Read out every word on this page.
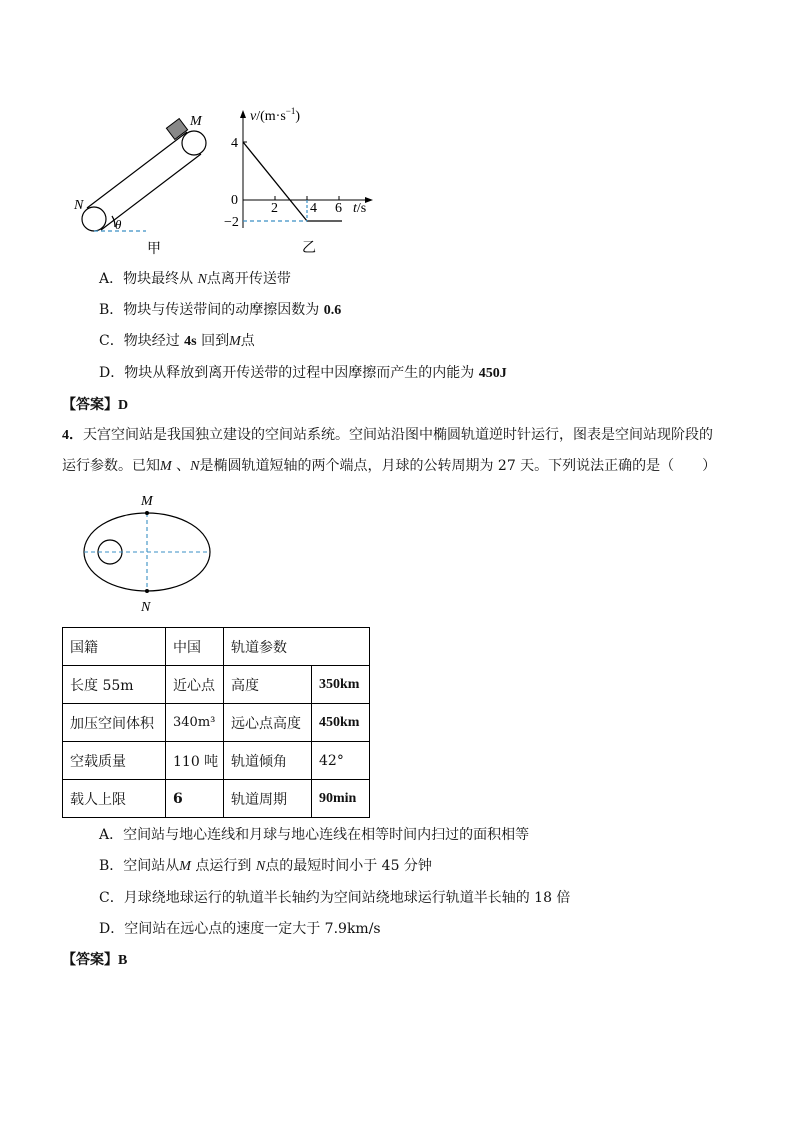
M
N
θ
甲
$v/(m\cdot s^{-1})$
4
0
−2
2 4 6 t/s
乙
A．物块最终从 N点离开传送带
B．物块与传送带间的动摩擦因数为 0.6
C．物块经过 4s 回到M点
D．物块从释放到离开传送带的过程中因摩擦而产生的内能为 450J
【答案】D
4．天宫空间站是我国独立建设的空间站系统。空间站沿图中椭圆轨道逆时针运行，图表是空间站现阶段的
运行参数。已知M 、N是椭圆轨道短轴的两个端点，月球的公转周期为 27 天。下列说法正确的是（　　）
M
N
国籍	中国	轨道参数	
长度 55m	近心点	高度	350km
加压空间体积	340m³	远心点高度	450km
空载质量	110 吨	轨道倾角	42°
载人上限	6	轨道周期	90min
A．空间站与地心连线和月球与地心连线在相等时间内扫过的面积相等
B．空间站从M 点运行到 N点的最短时间小于 45 分钟
C．月球绕地球运行的轨道半长轴约为空间站绕地球运行轨道半长轴的 18 倍
D．空间站在远心点的速度一定大于 7.9km/s
【答案】B
